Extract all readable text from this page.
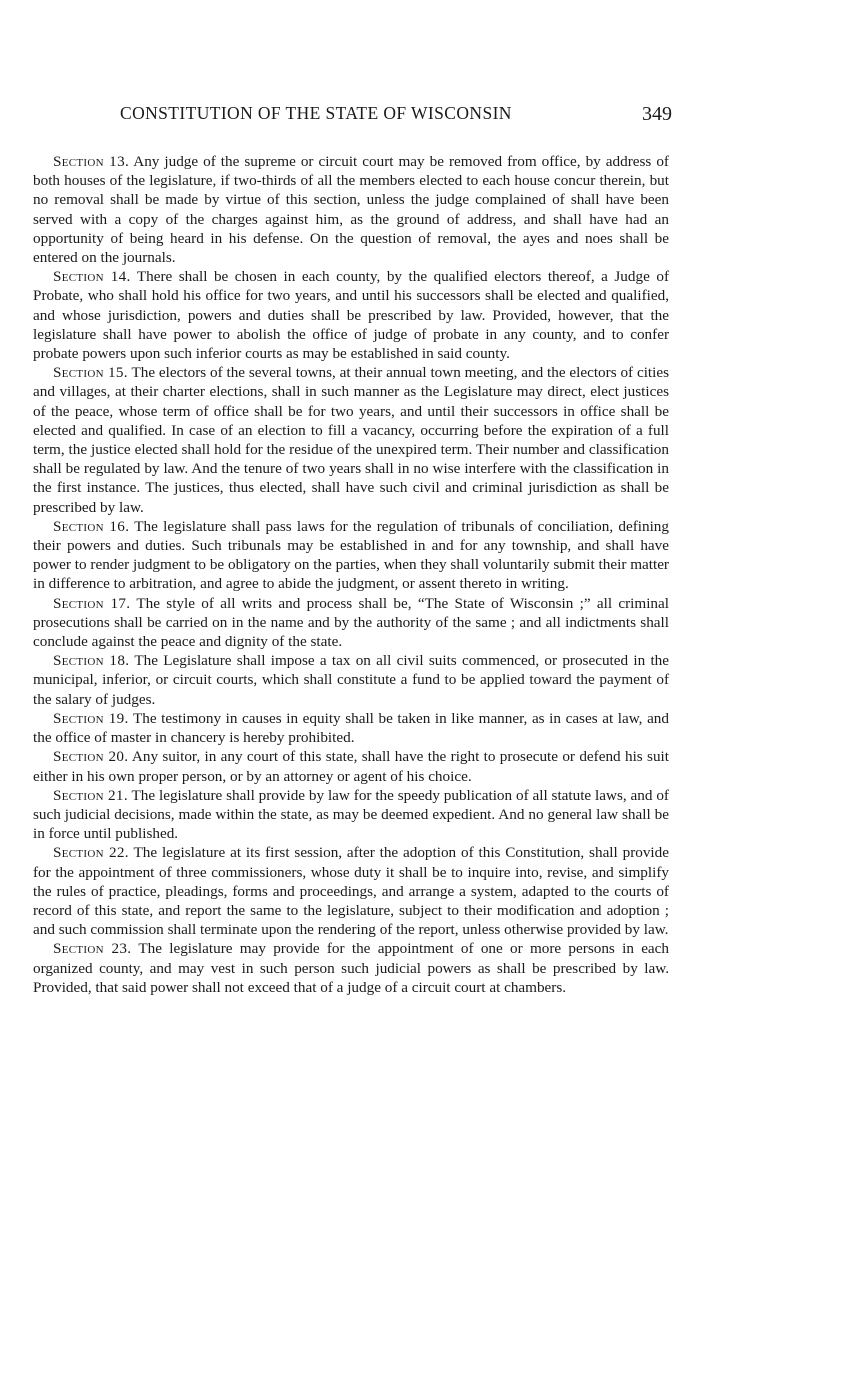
CONSTITUTION OF THE STATE OF WISCONSIN	349

Section 13. Any judge of the supreme or circuit court may be removed from office, by address of both houses of the legislature, if two-thirds of all the members elected to each house concur therein, but no removal shall be made by virtue of this section, unless the judge complained of shall have been served with a copy of the charges against him, as the ground of address, and shall have had an opportunity of being heard in his defense. On the question of removal, the ayes and noes shall be entered on the journals.

Section 14. There shall be chosen in each county, by the qualified electors thereof, a Judge of Probate, who shall hold his office for two years, and until his successors shall be elected and qualified, and whose jurisdiction, powers and duties shall be prescribed by law. Provided, however, that the legislature shall have power to abolish the office of judge of probate in any county, and to confer probate powers upon such inferior courts as may be established in said county.

Section 15. The electors of the several towns, at their annual town meeting, and the electors of cities and villages, at their charter elections, shall in such manner as the Legislature may direct, elect justices of the peace, whose term of office shall be for two years, and until their successors in office shall be elected and qualified. In case of an election to fill a vacancy, occurring before the expiration of a full term, the justice elected shall hold for the residue of the unexpired term. Their number and classification shall be regulated by law. And the tenure of two years shall in no wise interfere with the classification in the first instance. The justices, thus elected, shall have such civil and criminal jurisdiction as shall be prescribed by law.

Section 16. The legislature shall pass laws for the regulation of tribunals of conciliation, defining their powers and duties. Such tribunals may be established in and for any township, and shall have power to render judgment to be obligatory on the parties, when they shall voluntarily submit their matter in difference to arbitration, and agree to abide the judgment, or assent thereto in writing.

Section 17. The style of all writs and process shall be, “The State of Wisconsin ;” all criminal prosecutions shall be carried on in the name and by the authority of the same ; and all indictments shall conclude against the peace and dignity of the state.

Section 18. The Legislature shall impose a tax on all civil suits commenced, or prosecuted in the municipal, inferior, or circuit courts, which shall constitute a fund to be applied toward the payment of the salary of judges.

Section 19. The testimony in causes in equity shall be taken in like manner, as in cases at law, and the office of master in chancery is hereby prohibited.

Section 20. Any suitor, in any court of this state, shall have the right to prosecute or defend his suit either in his own proper person, or by an attorney or agent of his choice.

Section 21. The legislature shall provide by law for the speedy publication of all statute laws, and of such judicial decisions, made within the state, as may be deemed expedient. And no general law shall be in force until published.

Section 22. The legislature at its first session, after the adoption of this Constitution, shall provide for the appointment of three commissioners, whose duty it shall be to inquire into, revise, and simplify the rules of practice, pleadings, forms and proceedings, and arrange a system, adapted to the courts of record of this state, and report the same to the legislature, subject to their modification and adoption ; and such commission shall terminate upon the rendering of the report, unless otherwise provided by law.

Section 23. The legislature may provide for the appointment of one or more persons in each organized county, and may vest in such person such judicial powers as shall be prescribed by law. Provided, that said power shall not exceed that of a judge of a circuit court at chambers.
